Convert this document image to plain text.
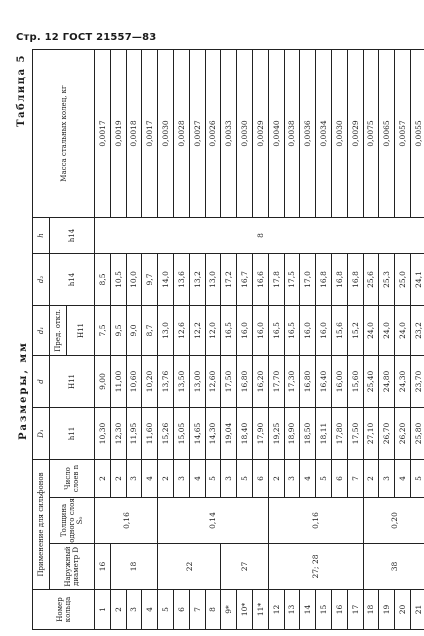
Стр. 12 ГОСТ 21557—83
Размеры, мм
Таблица 5
Номер кольца	Применение для сильфонов			D₁	d	d₁	d₂	h	Масса стальных колец, кг
	Наружный диаметр D	Толщина одного слоя S₀	Число слоев n	h11	H11	Пред. откл.	h14	h14	
						H11			
1	16	0,16	2	10,30	9,00	7,5	8,5	8	0,0017
2	18		2	12,30	11,00	9,5	10,5		0,0019
3			3	11,95	10,60	9,0	10,0		0,0018
4			4	11,60	10,20	8,7	9,7		0,0017
5	22	0,14	2	15,26	13,76	13,0	14,0		0,0030
6			3	15,05	13,50	12,6	13,6		0,0028
7			4	14,65	13,00	12,2	13,2		0,0027
8			5	14,30	12,60	12,0	13,0		0,0026
9*	27		3	19,04	17,50	16,5	17,2		0,0033
10*			5	18,40	16,80	16,0	16,7		0,0030
11*			6	17,90	16,20	16,0	16,6		0,0029
12	27; 28	0,16	2	19,25	17,70	16,5	17,8		0,0040
13			3	18,90	17,30	16,5	17,5		0,0038
14			4	18,50	16,80	16,0	17,0		0,0036
15			5	18,11	16,40	16,0	16,8		0,0034
16			6	17,80	16,00	15,6	16,8		0,0030
17			7	17,50	15,60	15,2	16,8		0,0029
18	38	0,20	2	27,10	25,40	24,0	25,6		0,0075
19			3	26,70	24,80	24,0	25,3		0,0065
20			4	26,20	24,30	24,0	25,0		0,0057
21			5	25,80	23,70	23,2	24,1		0,0055
